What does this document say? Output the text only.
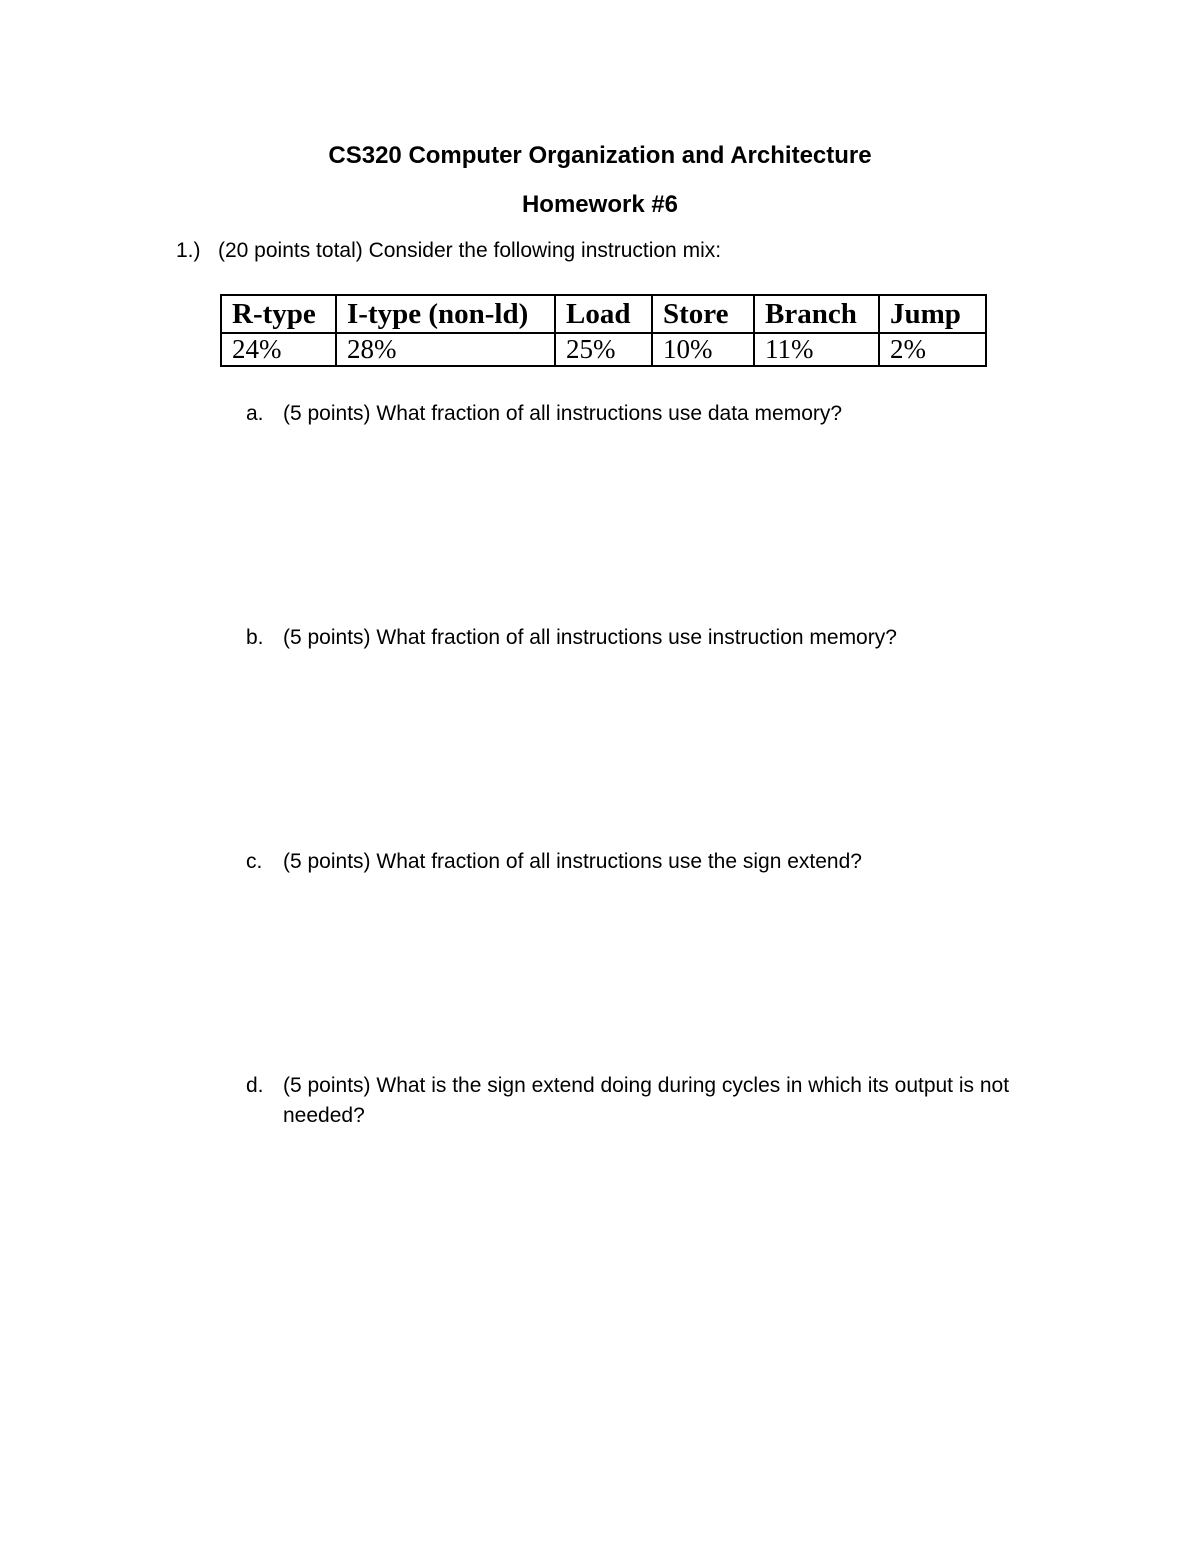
CS320 Computer Organization and Architecture
Homework #6
1.) (20 points total) Consider the following instruction mix:
R-type	I-type (non-ld)	Load	Store	Branch	Jump
24%	28%	25%	10%	11%	2%
a. (5 points) What fraction of all instructions use data memory?
b. (5 points) What fraction of all instructions use instruction memory?
c. (5 points) What fraction of all instructions use the sign extend?
d. (5 points) What is the sign extend doing during cycles in which its output is not needed?
